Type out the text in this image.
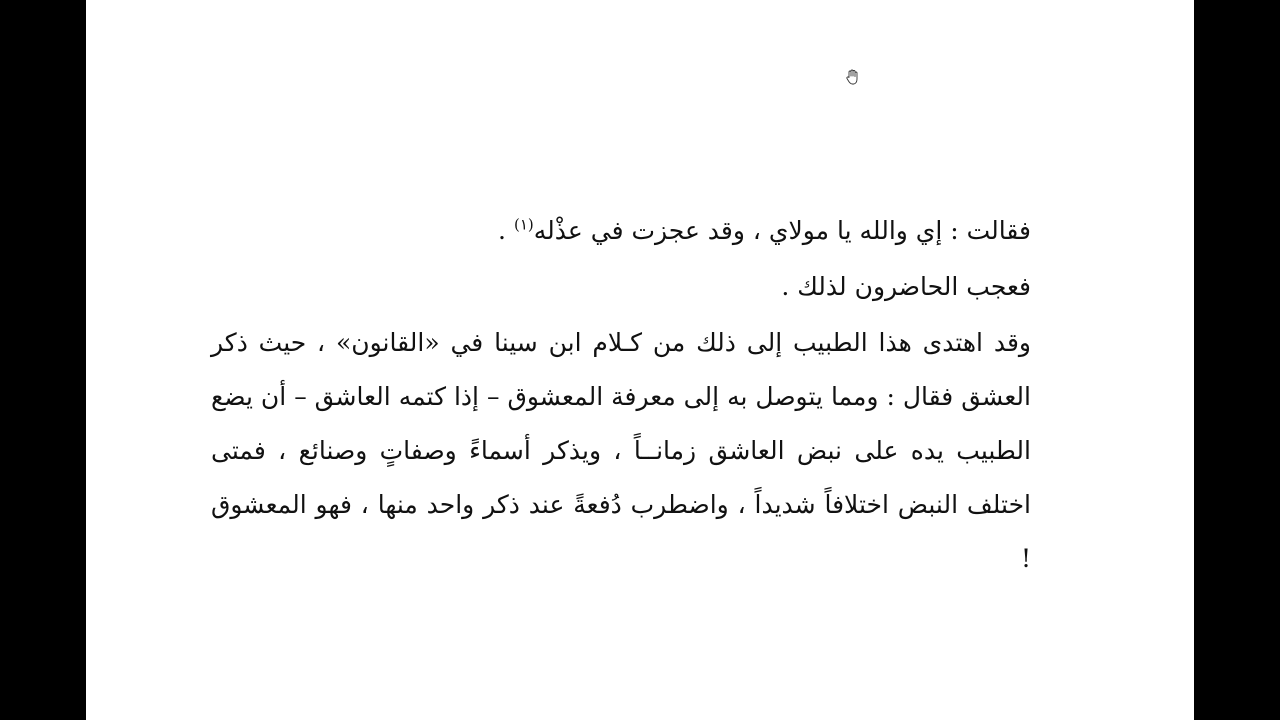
فقالت : إي والله يا مولاي ، وقد عجزت في عذْله$^{(١)}$ .

فعجب الحاضرون لذلك .

وقد اهتدى هذا الطبيب إلى ذلك من كـلام ابن سينا في «القانون» ، حيث ذكر العشق فقال : ومما يتوصل به إلى معرفة المعشوق – إذا كتمه العاشق – أن يضع الطبيب يده على نبض العاشق زمانــاً ، ويذكر أسماءً وصفاتٍ وصنائع ، فمتى اختلف النبض اختلافاً شديداً ، واضطرب دُفعةً عند ذكر واحد منها ، فهو المعشوق !
